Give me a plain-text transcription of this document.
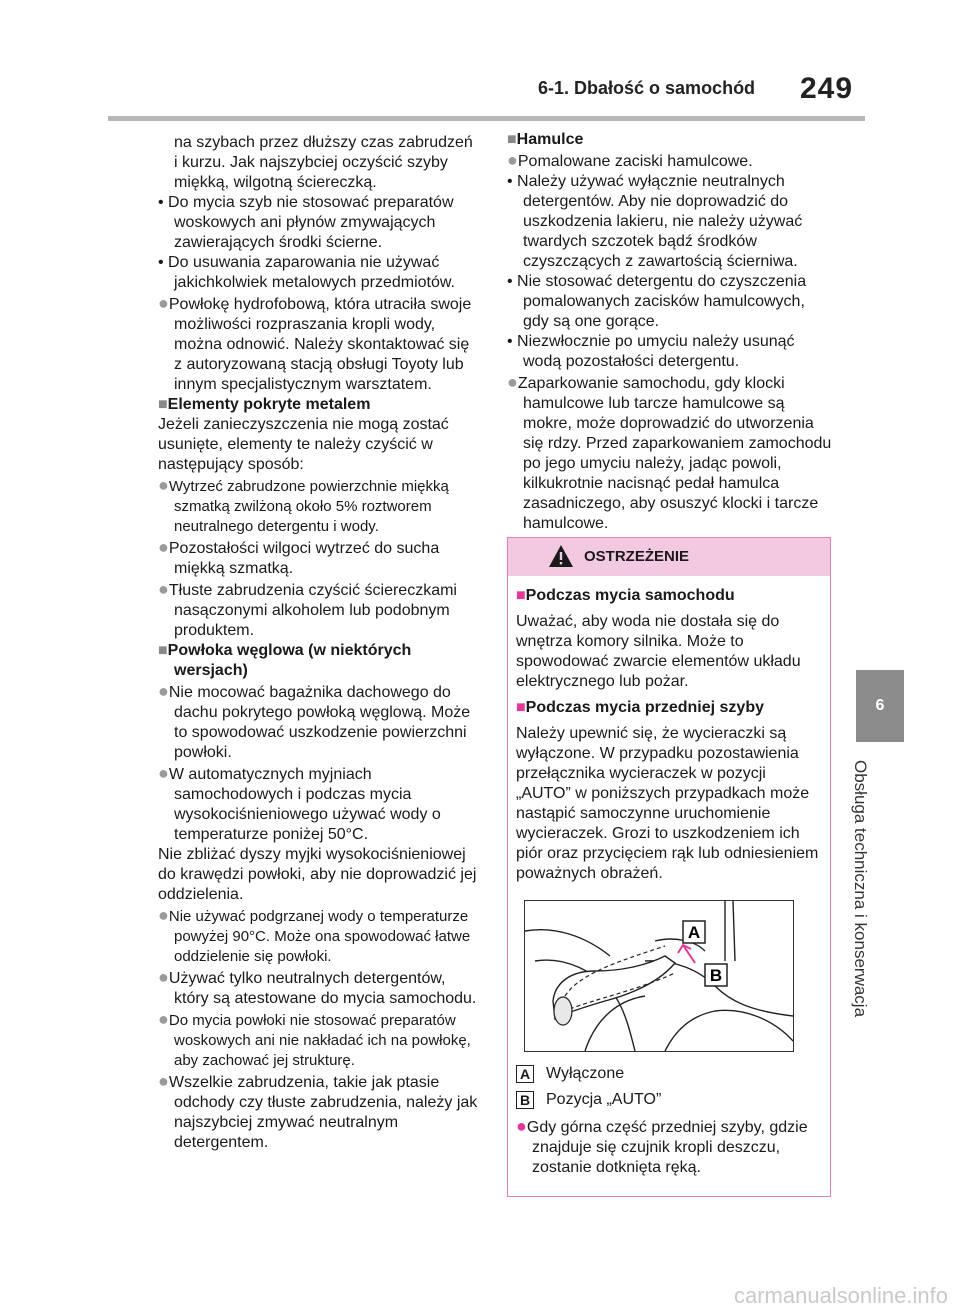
6-1. Dbałość o samochód 249
6
Obsługa techniczna i konserwacja

na szybach przez dłuższy czas zabrudzeń i kurzu. Jak najszybciej oczyścić szyby miękką, wilgotną ściereczką.

• Do mycia szyb nie stosować preparatów woskowych ani płynów zmywających zawierających środki ścierne.

• Do usuwania zaparowania nie używać jakichkolwiek metalowych przedmiotów.

●Powłokę hydrofobową, która utraciła swoje możliwości rozpraszania kropli wody, można odnowić. Należy skontaktować się z autoryzowaną stacją obsługi Toyoty lub innym specjalistycznym warsztatem.

■Elementy pokryte metalem

Jeżeli zanieczyszczenia nie mogą zostać usunięte, elementy te należy czyścić w następujący sposób:

●Wytrzeć zabrudzone powierzchnie miękką szmatką zwilżoną około 5% roztworem neutralnego detergentu i wody.

●Pozostałości wilgoci wytrzeć do sucha miękką szmatką.

●Tłuste zabrudzenia czyścić ściereczkami nasączonymi alkoholem lub podobnym produktem.

■Powłoka węglowa (w niektórych wersjach)

●Nie mocować bagażnika dachowego do dachu pokrytego powłoką węglową. Może to spowodować uszkodzenie powierzchni powłoki.

●W automatycznych myjniach samochodowych i podczas mycia wysokociśnieniowego używać wody o temperaturze poniżej 50°C.

Nie zbliżać dyszy myjki wysokociśnieniowej do krawędzi powłoki, aby nie doprowadzić jej oddzielenia.

●Nie używać podgrzanej wody o temperaturze powyżej 90°C. Może ona spowodować łatwe oddzielenie się powłoki.

●Używać tylko neutralnych detergentów, który są atestowane do mycia samochodu.

●Do mycia powłoki nie stosować preparatów woskowych ani nie nakładać ich na powłokę, aby zachować jej strukturę.

●Wszelkie zabrudzenia, takie jak ptasie odchody czy tłuste zabrudzenia, należy jak najszybciej zmywać neutralnym detergentem.

■Hamulce

●Pomalowane zaciski hamulcowe.

• Należy używać wyłącznie neutralnych detergentów. Aby nie doprowadzić do uszkodzenia lakieru, nie należy używać twardych szczotek bądź środków czyszczących z zawartością ścierniwa.

• Nie stosować detergentu do czyszczenia pomalowanych zacisków hamulcowych, gdy są one gorące.

• Niezwłocznie po umyciu należy usunąć wodą pozostałości detergentu.

●Zaparkowanie samochodu, gdy klocki hamulcowe lub tarcze hamulcowe są mokre, może doprowadzić do utworzenia się rdzy. Przed zaparkowaniem zamochodu po jego umyciu należy, jadąc powoli, kilkukrotnie nacisnąć pedał hamulca zasadniczego, aby osuszyć klocki i tarcze hamulcowe.

OSTRZEŻENIE

■Podczas mycia samochodu

Uważać, aby woda nie dostała się do wnętrza komory silnika. Może to spowodować zwarcie elementów układu elektrycznego lub pożar.

■Podczas mycia przedniej szyby

Należy upewnić się, że wycieraczki są wyłączone. W przypadku pozostawienia przełącznika wycieraczek w pozycji „AUTO” w poniższych przypadkach może nastąpić samoczynne uruchomienie wycieraczek. Grozi to uszkodzeniem ich piór oraz przycięciem rąk lub odniesieniem poważnych obrażeń.

A
B

A Wyłączone

B Pozycja „AUTO”

●Gdy górna część przedniej szyby, gdzie znajduje się czujnik kropli deszczu, zostanie dotknięta ręką.

carmanualsonline.info
